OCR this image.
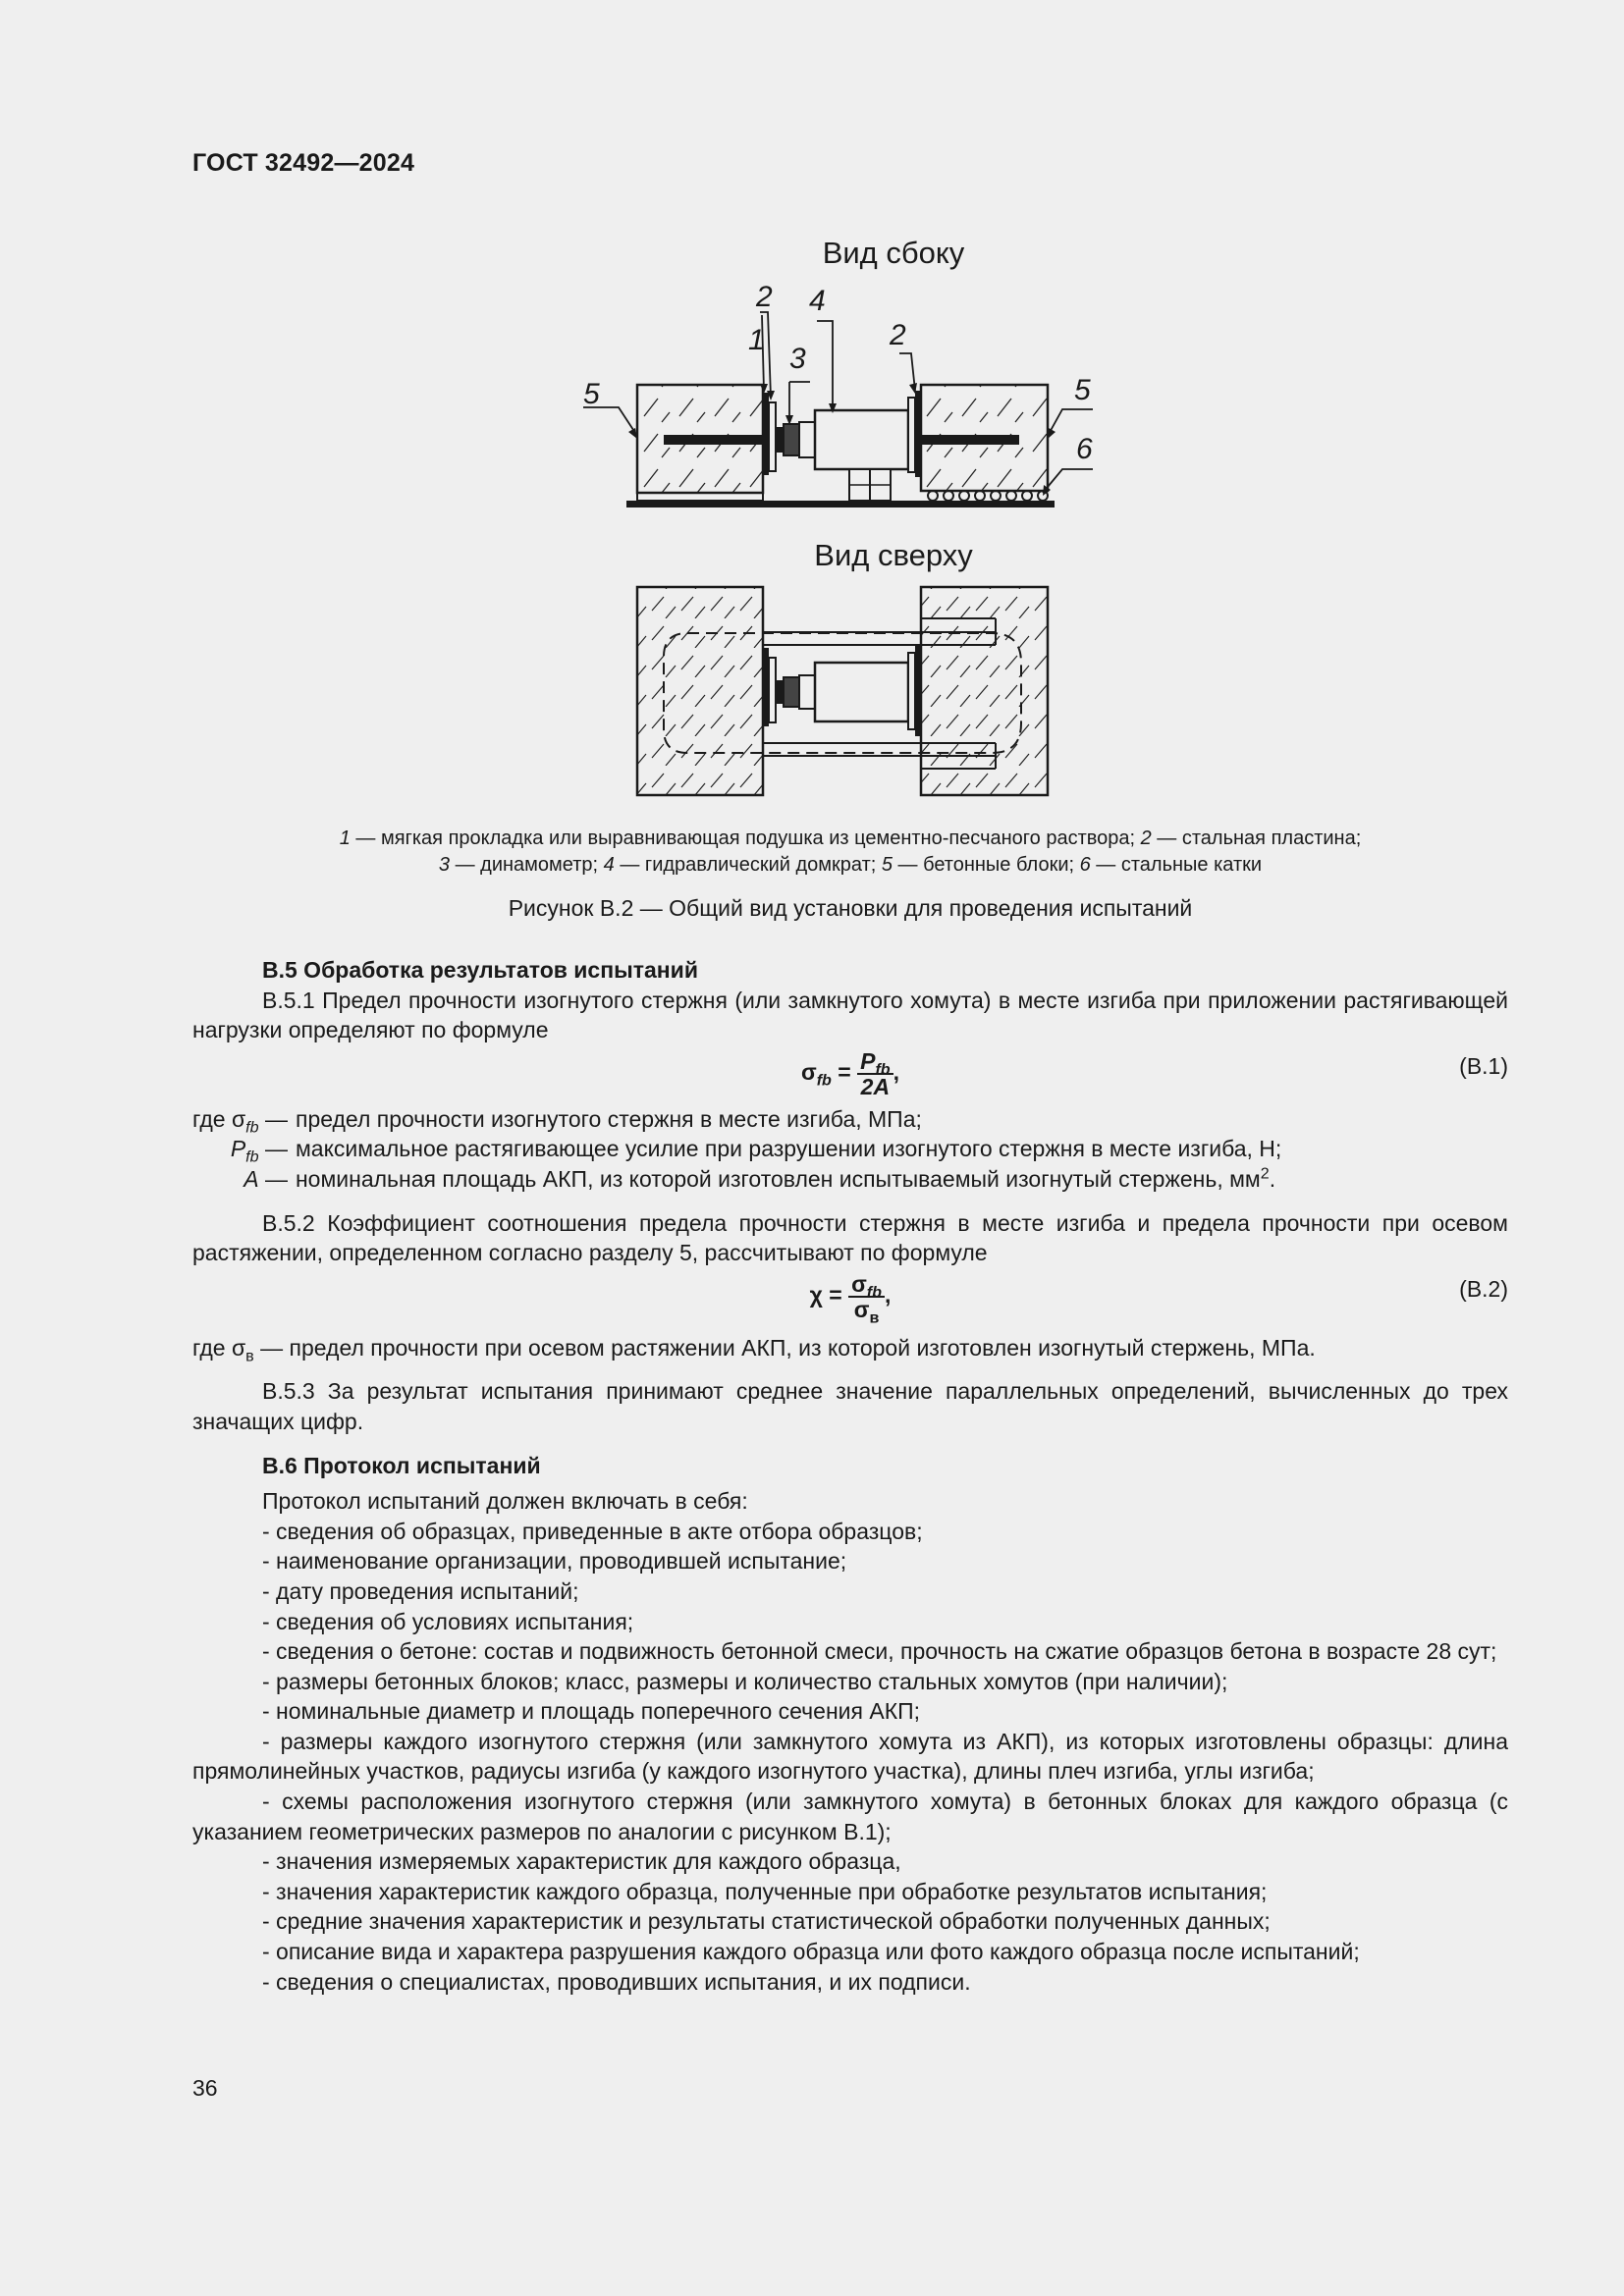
ГОСТ 32492—2024
Вид сбоку
Вид сверху
2 4
1
3
2
5	5
6
1 — мягкая прокладка или выравнивающая подушка из цементно-песчаного раствора; 2 — стальная пластина;
3 — динамометр; 4 — гидравлический домкрат; 5 — бетонные блоки; 6 — стальные катки
Рисунок В.2 — Общий вид установки для проведения испытаний

В.5 Обработка результатов испытаний

В.5.1 Предел прочности изогнутого стержня (или замкнутого хомута) в месте изгиба при приложении растягивающей нагрузки определяют по формуле

$\sigma_{fb} = \frac{P_{fb}}{2A}$ ,	(В.1)
где $\sigma_{fb}$ — предел прочности изогнутого стержня в месте изгиба, МПа;
$P_{fb}$ — максимальное растягивающее усилие при разрушении изогнутого стержня в месте изгиба, Н;
A — номинальная площадь АКП, из которой изготовлен испытываемый изогнутый стержень, $мм^2$.

В.5.2 Коэффициент соотношения предела прочности стержня в месте изгиба и предела прочности при осевом растяжении, определенном согласно разделу 5, рассчитывают по формуле

$\chi = \frac{\sigma_{fb}}{\sigma_в}$ ,	(В.2)

где $\sigma_в$ — предел прочности при осевом растяжении АКП, из которой изготовлен изогнутый стержень, МПа.

В.5.3 За результат испытания принимают среднее значение параллельных определений, вычисленных до трех значащих цифр.

В.6 Протокол испытаний

Протокол испытаний должен включать в себя:

- сведения об образцах, приведенные в акте отбора образцов;

- наименование организации, проводившей испытание;

- дату проведения испытаний;

- сведения об условиях испытания;

- сведения о бетоне: состав и подвижность бетонной смеси, прочность на сжатие образцов бетона в возрасте 28 сут;

- размеры бетонных блоков; класс, размеры и количество стальных хомутов (при наличии);

- номинальные диаметр и площадь поперечного сечения АКП;

- размеры каждого изогнутого стержня (или замкнутого хомута из АКП), из которых изготовлены образцы: длина прямолинейных участков, радиусы изгиба (у каждого изогнутого участка), длины плеч изгиба, углы изгиба;

- схемы расположения изогнутого стержня (или замкнутого хомута) в бетонных блоках для каждого образца (с указанием геометрических размеров по аналогии с рисунком В.1);

- значения измеряемых характеристик для каждого образца,

- значения характеристик каждого образца, полученные при обработке результатов испытания;

- средние значения характеристик и результаты статистической обработки полученных данных;

- описание вида и характера разрушения каждого образца или фото каждого образца после испытаний;

- сведения о специалистах, проводивших испытания, и их подписи.

36
